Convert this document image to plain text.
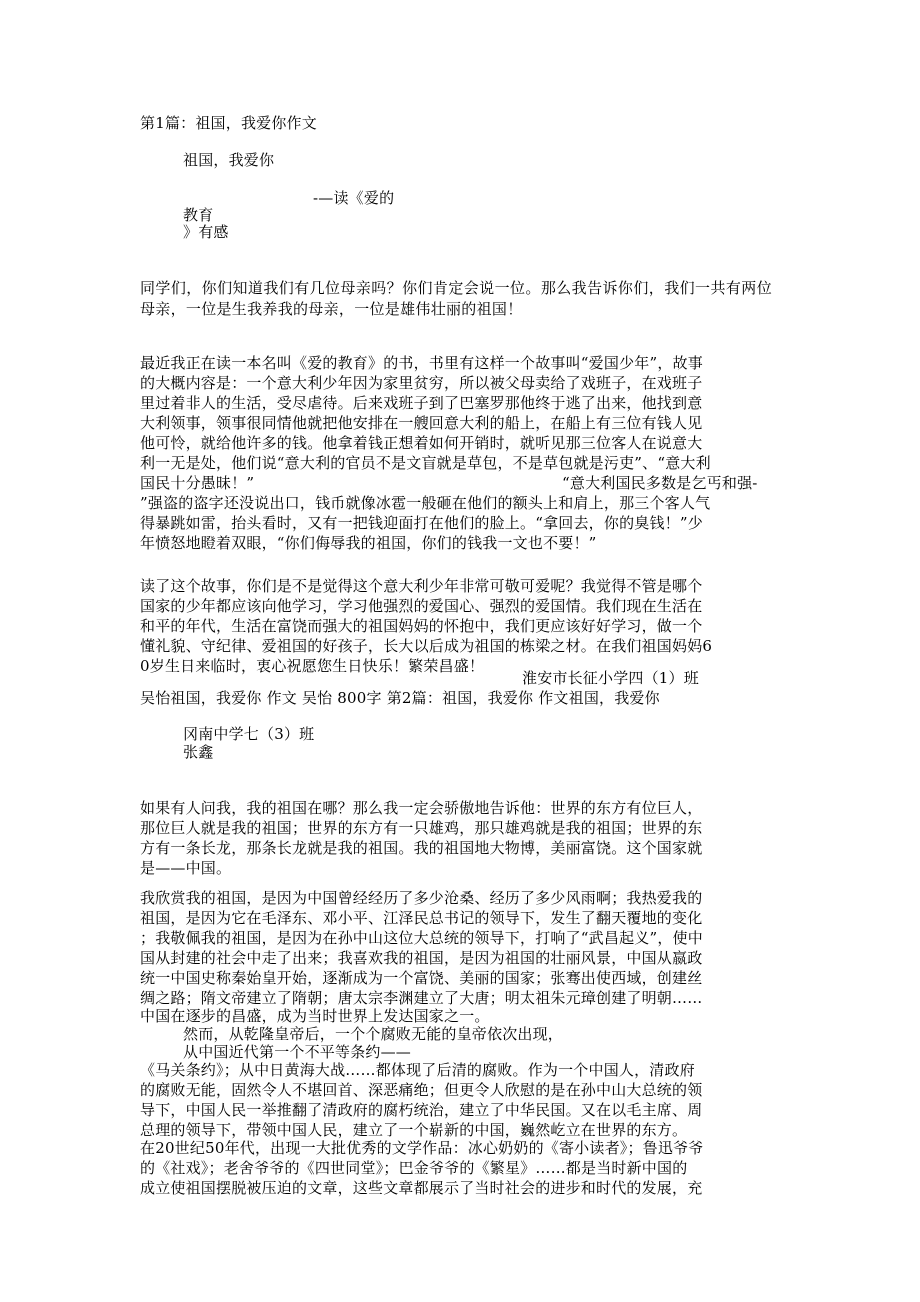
第1篇：祖国，我爱你作文
祖国，我爱你
-—读《爱的
教育
》有感
同学们，你们知道我们有几位母亲吗？你们肯定会说一位。那么我告诉你们，我们一共有两位母亲，一位是生我养我的母亲，一位是雄伟壮丽的祖国！
最近我正在读一本名叫《爱的教育》的书，书里有这样一个故事叫“爱国少年”，故事
的大概内容是：一个意大利少年因为家里贫穷，所以被父母卖给了戏班子，在戏班子
里过着非人的生活，受尽虐待。后来戏班子到了巴塞罗那他终于逃了出来，他找到意
大利领事，领事很同情他就把他安排在一艘回意大利的船上，在船上有三位有钱人见
他可怜，就给他许多的钱。他拿着钱正想着如何开销时，就听见那三位客人在说意大
利一无是处，他们说“意大利的官员不是文盲就是草包，不是草包就是污吏”、“意大利
国民十分愚昧！”	“意大利国民多数是乞丐和强-
”强盗的盗字还没说出口，钱币就像冰雹一般砸在他们的额头上和肩上，那三个客人气
得暴跳如雷，抬头看时，又有一把钱迎面打在他们的脸上。“拿回去，你的臭钱！”少
年愤怒地瞪着双眼，“你们侮辱我的祖国，你们的钱我一文也不要！”
读了这个故事，你们是不是觉得这个意大利少年非常可敬可爱呢？我觉得不管是哪个
国家的少年都应该向他学习，学习他强烈的爱国心、强烈的爱国情。我们现在生活在
和平的年代，生活在富饶而强大的祖国妈妈的怀抱中，我们更应该好好学习，做一个
懂礼貌、守纪律、爱祖国的好孩子，长大以后成为祖国的栋梁之材。在我们祖国妈妈6
0岁生日来临时，衷心祝愿您生日快乐！繁荣昌盛！
淮安市长征小学四（1）班
吴怡祖国，我爱你 作文 吴怡 800字 第2篇：祖国，我爱你 作文祖国，我爱你
冈南中学七（3）班
张鑫
如果有人问我，我的祖国在哪？那么我一定会骄傲地告诉他：世界的东方有位巨人，
那位巨人就是我的祖国；世界的东方有一只雄鸡，那只雄鸡就是我的祖国；世界的东
方有一条长龙，那条长龙就是我的祖国。我的祖国地大物博，美丽富饶。这个国家就
是——中国。
我欣赏我的祖国，是因为中国曾经经历了多少沧桑、经历了多少风雨啊；我热爱我的
祖国，是因为它在毛泽东、邓小平、江泽民总书记的领导下，发生了翻天覆地的变化
；我敬佩我的祖国，是因为在孙中山这位大总统的领导下，打响了“武昌起义”，使中
国从封建的社会中走了出来；我喜欢我的祖国，是因为祖国的壮丽风景，中国从嬴政
统一中国史称秦始皇开始，逐渐成为一个富饶、美丽的国家；张骞出使西域，创建丝
绸之路；隋文帝建立了隋朝；唐太宗李渊建立了大唐；明太祖朱元璋创建了明朝……
中国在逐步的昌盛，成为当时世界上发达国家之一。
然而，从乾隆皇帝后，一个个腐败无能的皇帝依次出现，
从中国近代第一个不平等条约——
《马关条约》；从中日黄海大战……都体现了后清的腐败。作为一个中国人，清政府
的腐败无能，固然令人不堪回首、深恶痛绝；但更令人欣慰的是在孙中山大总统的领
导下，中国人民一举推翻了清政府的腐朽统治，建立了中华民国。又在以毛主席、周
总理的领导下，带领中国人民，建立了一个崭新的中国，巍然屹立在世界的东方。
在20世纪50年代，出现一大批优秀的文学作品：冰心奶奶的《寄小读者》；鲁迅爷爷
的《社戏》；老舍爷爷的《四世同堂》；巴金爷爷的《繁星》……都是当时新中国的
成立使祖国摆脱被压迫的文章，这些文章都展示了当时社会的进步和时代的发展，充
